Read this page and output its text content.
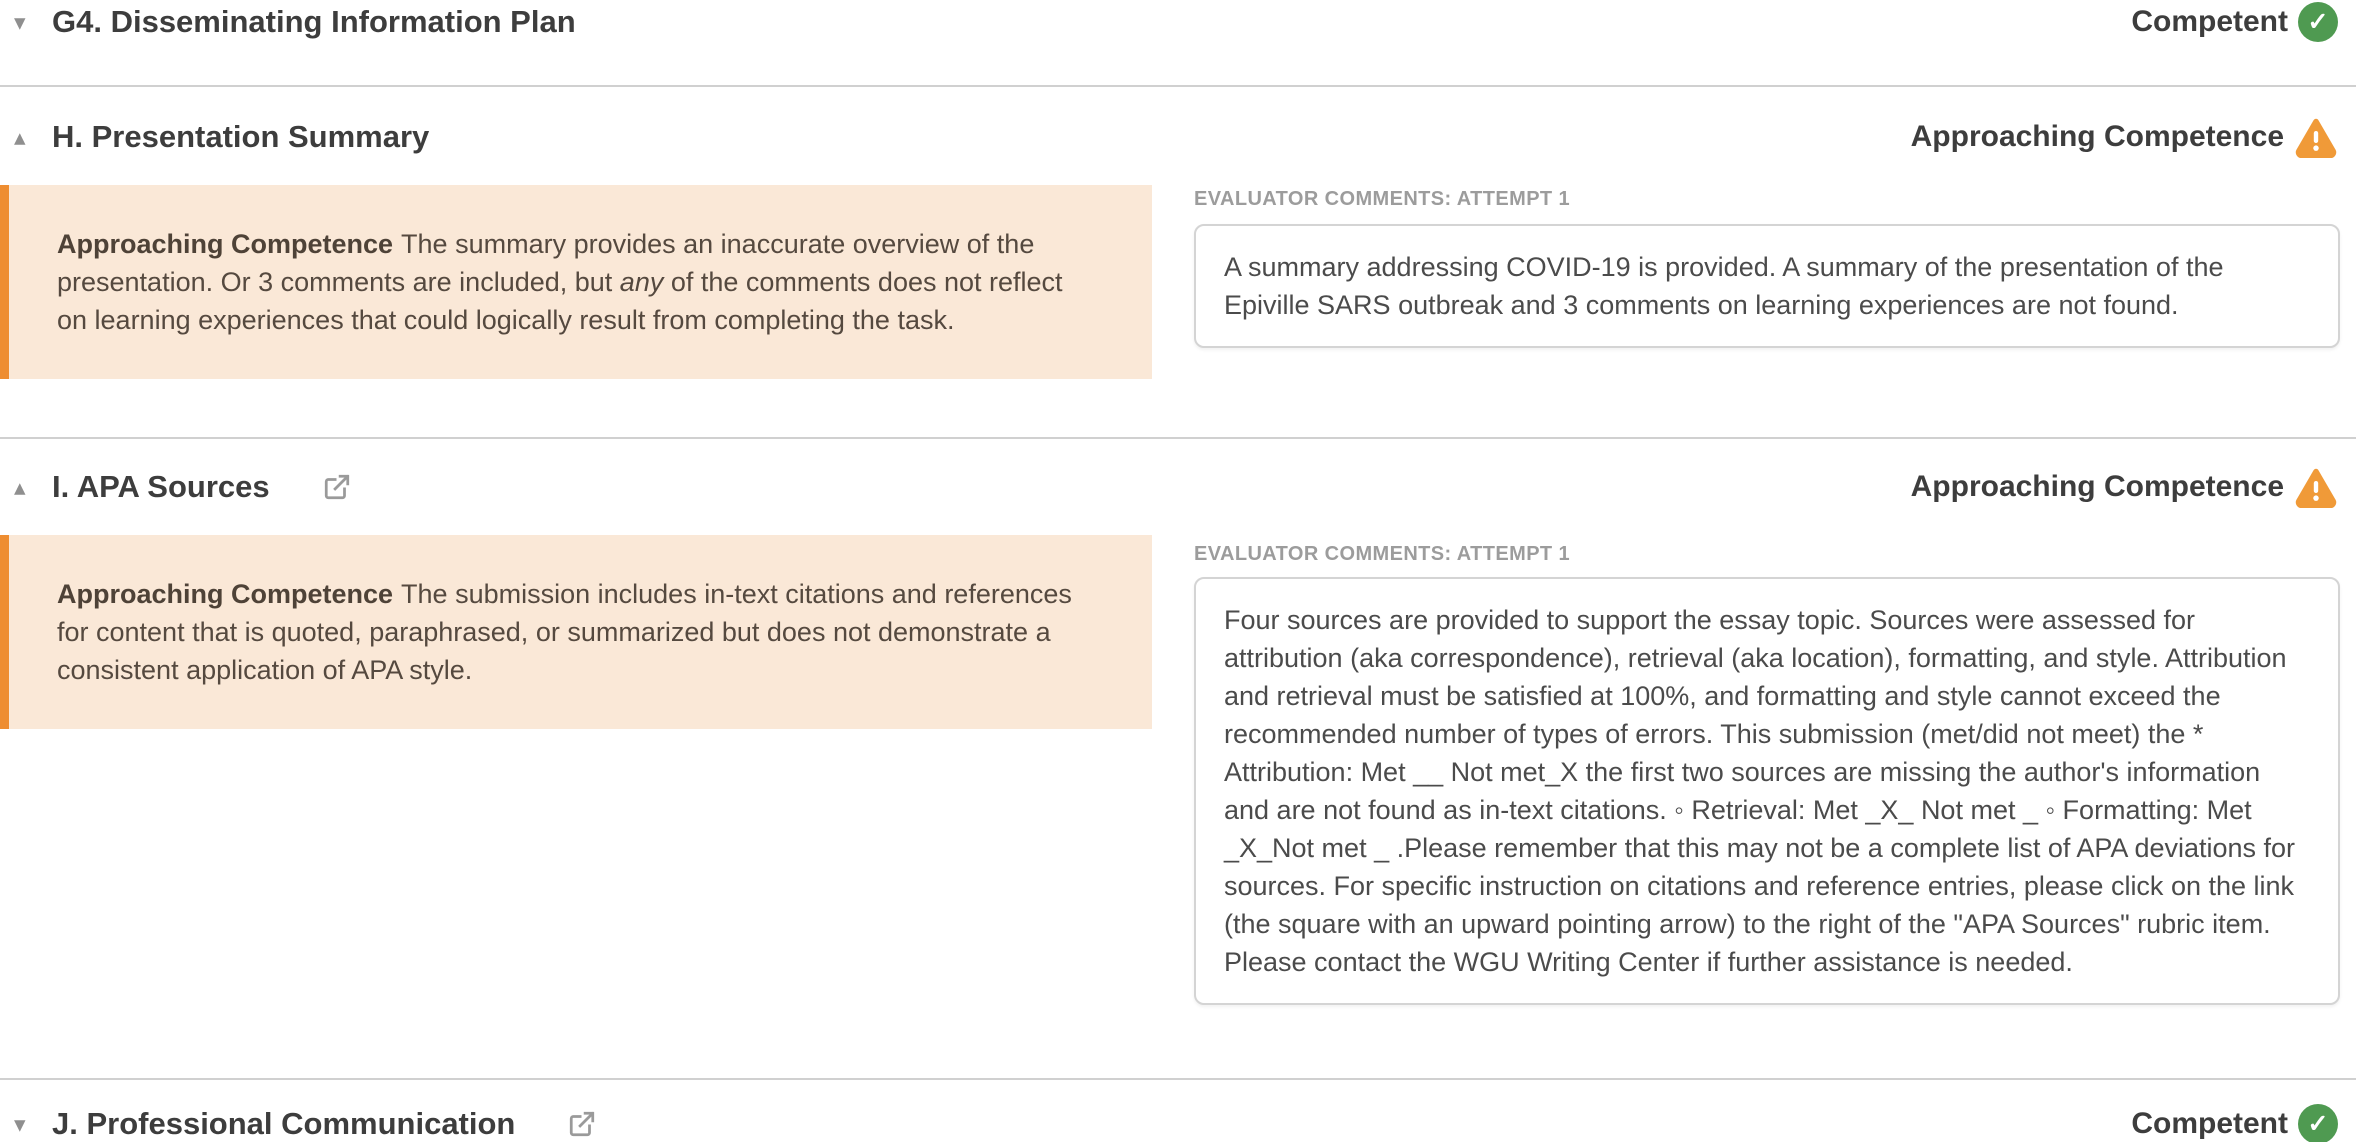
▾ G4. Disseminating Information Plan	Competent ✓
▴ H. Presentation Summary	Approaching Competence
Approaching Competence The summary provides an inaccurate overview of the presentation. Or 3 comments are included, but any of the comments does not reflect on learning experiences that could logically result from completing the task.
EVALUATOR COMMENTS: ATTEMPT 1
A summary addressing COVID-19 is provided. A summary of the presentation of the Epiville SARS outbreak and 3 comments on learning experiences are not found.
▴ I. APA Sources	Approaching Competence
Approaching Competence The submission includes in-text citations and references for content that is quoted, paraphrased, or summarized but does not demonstrate a consistent application of APA style.
EVALUATOR COMMENTS: ATTEMPT 1
Four sources are provided to support the essay topic. Sources were assessed for attribution (aka correspondence), retrieval (aka location), formatting, and style. Attribution and retrieval must be satisfied at 100%, and formatting and style cannot exceed the recommended number of types of errors. This submission (met/did not meet) the * Attribution: Met __ Not met_X the first two sources are missing the author's information and are not found as in-text citations. ◦ Retrieval: Met _X_ Not met _ ◦ Formatting: Met _X_Not met _ .Please remember that this may not be a complete list of APA deviations for sources. For specific instruction on citations and reference entries, please click on the link (the square with an upward pointing arrow) to the right of the "APA Sources" rubric item. Please contact the WGU Writing Center if further assistance is needed.
▾ J. Professional Communication	Competent ✓
